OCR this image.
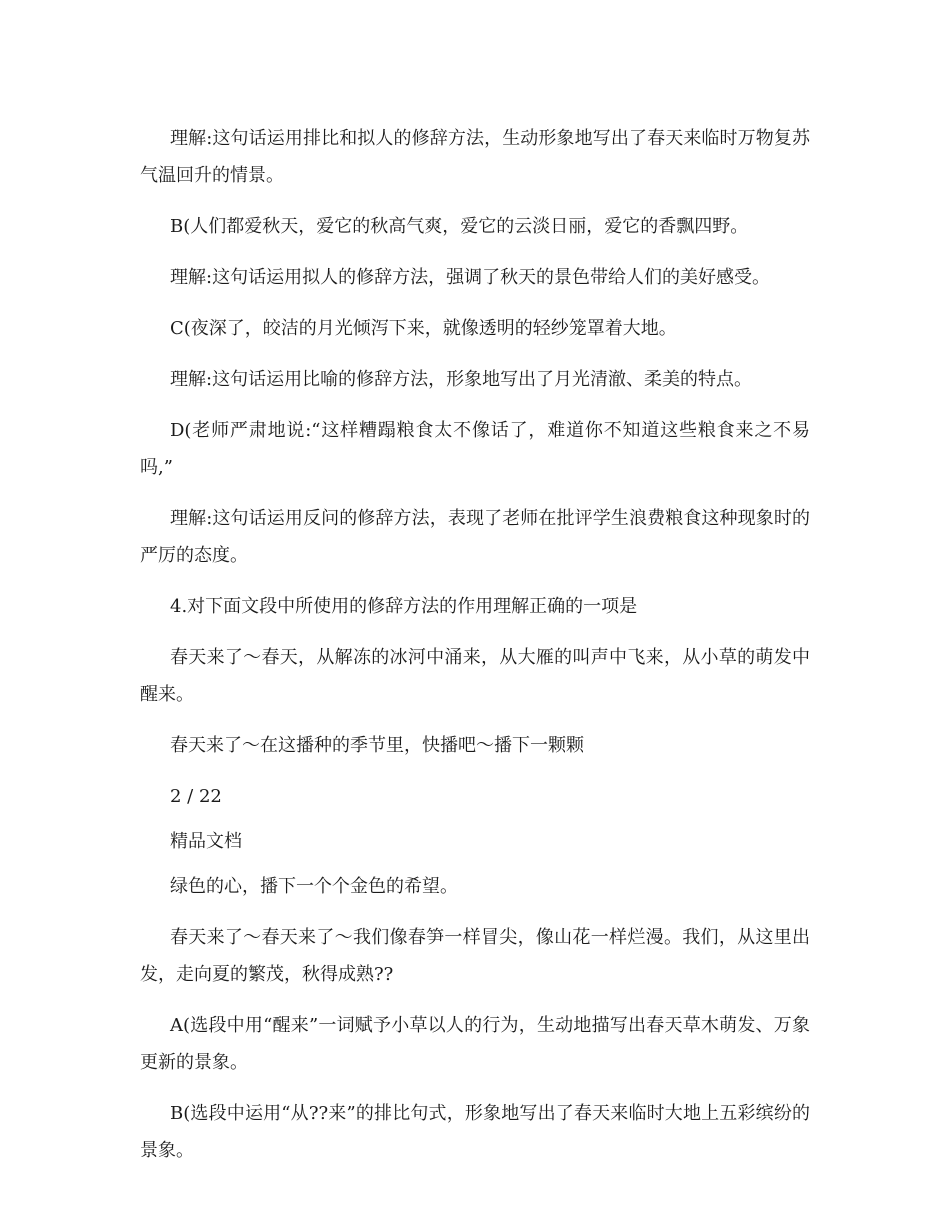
理解:这句话运用排比和拟人的修辞方法，生动形象地写出了春天来临时万物复苏气温回升的情景。

B(人们都爱秋天，爱它的秋高气爽，爱它的云淡日丽，爱它的香飘四野。

理解:这句话运用拟人的修辞方法，强调了秋天的景色带给人们的美好感受。

C(夜深了，皎洁的月光倾泻下来，就像透明的轻纱笼罩着大地。

理解:这句话运用比喻的修辞方法，形象地写出了月光清澈、柔美的特点。

D(老师严肃地说:“这样糟蹋粮食太不像话了，难道你不知道这些粮食来之不易吗,”

理解:这句话运用反问的修辞方法，表现了老师在批评学生浪费粮食这种现象时的严厉的态度。

4.对下面文段中所使用的修辞方法的作用理解正确的一项是

春天来了～春天，从解冻的冰河中涌来，从大雁的叫声中飞来，从小草的萌发中醒来。

春天来了～在这播种的季节里，快播吧～播下一颗颗

2 / 22

精品文档

绿色的心，播下一个个金色的希望。

春天来了～春天来了～我们像春笋一样冒尖，像山花一样烂漫。我们，从这里出发，走向夏的繁茂，秋得成熟??

A(选段中用“醒来”一词赋予小草以人的行为，生动地描写出春天草木萌发、万象更新的景象。

B(选段中运用“从??来”的排比句式，形象地写出了春天来临时大地上五彩缤纷的景象。
